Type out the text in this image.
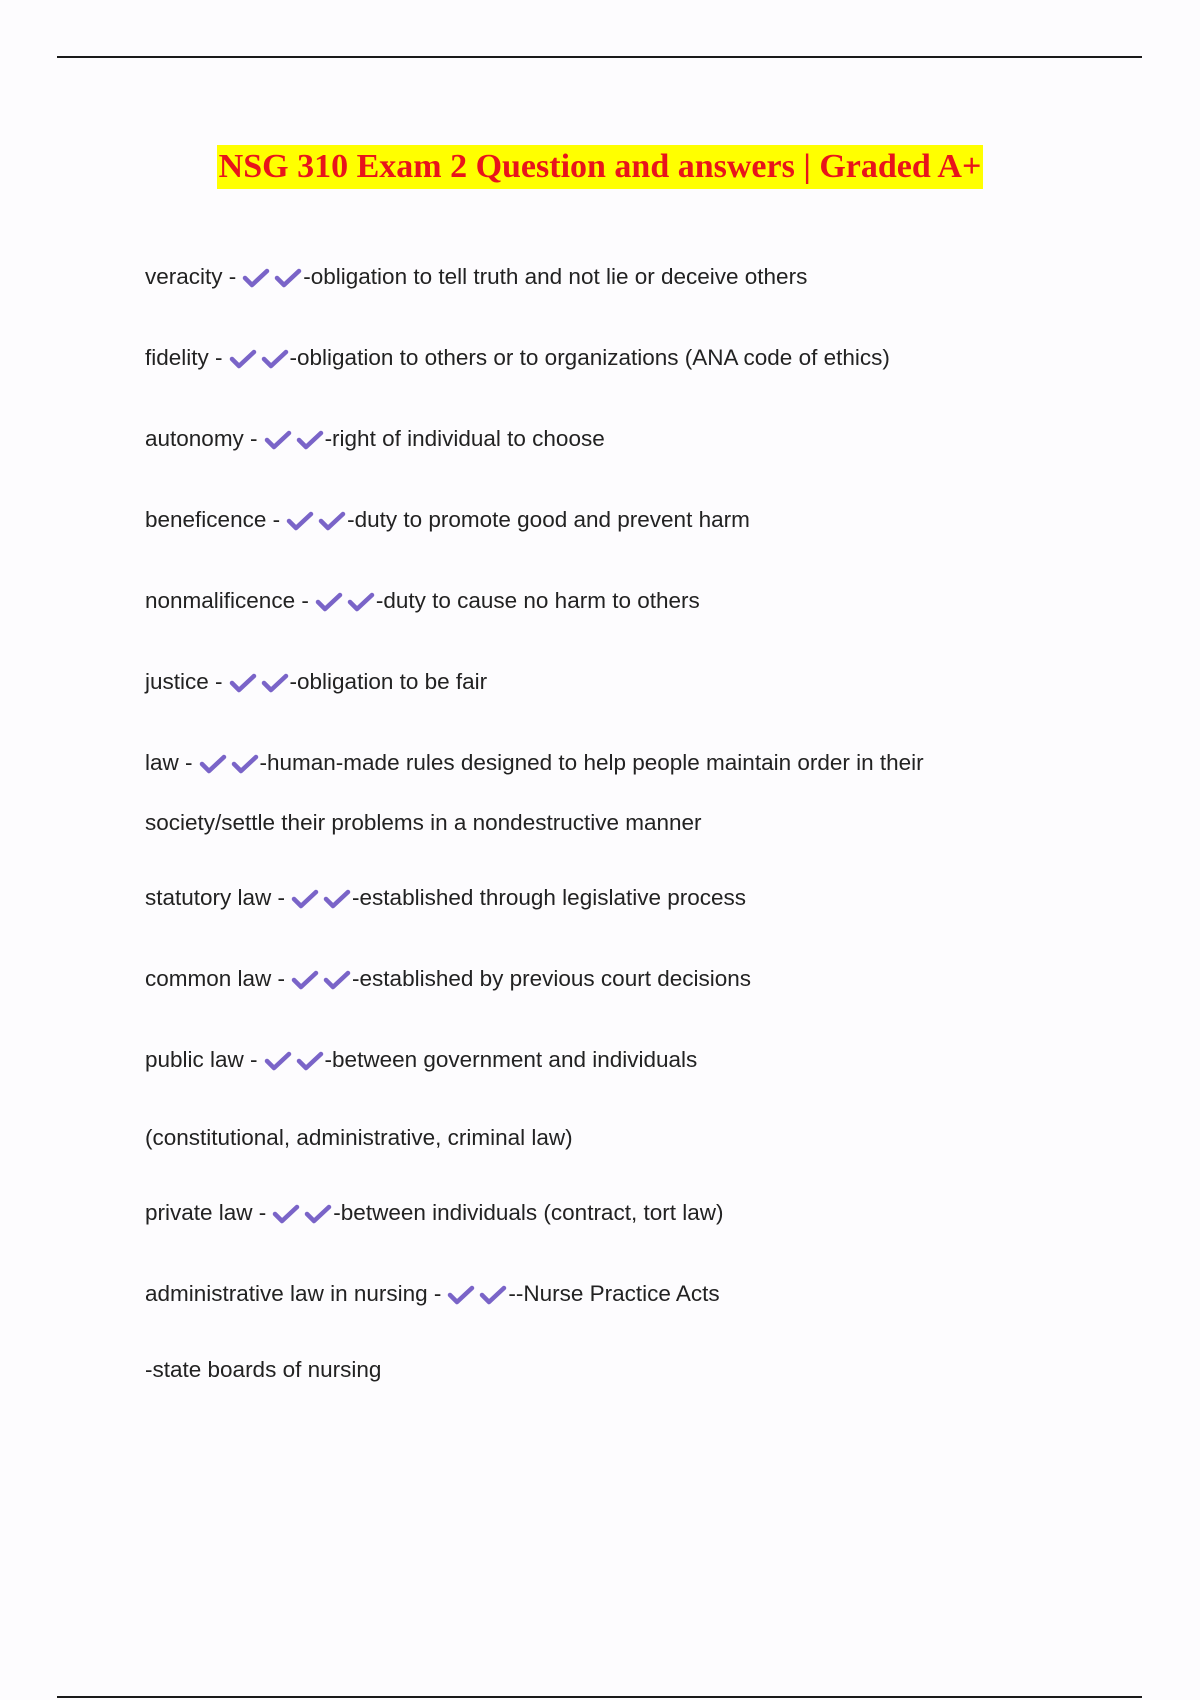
NSG 310 Exam 2 Question and answers | Graded A+
veracity -	-obligation to tell truth and not lie or deceive others
fidelity -	-obligation to others or to organizations (ANA code of ethics)
autonomy -	-right of individual to choose
beneficence -	-duty to promote good and prevent harm
nonmalificence -	-duty to cause no harm to others
justice -	-obligation to be fair
law -	-human-made rules designed to help people maintain order in their
society/settle their problems in a nondestructive manner
statutory law -	-established through legislative process
common law -	-established by previous court decisions
public law -	-between government and individuals
(constitutional, administrative, criminal law)
private law -	-between individuals (contract, tort law)
administrative law in nursing -	--Nurse Practice Acts
-state boards of nursing
